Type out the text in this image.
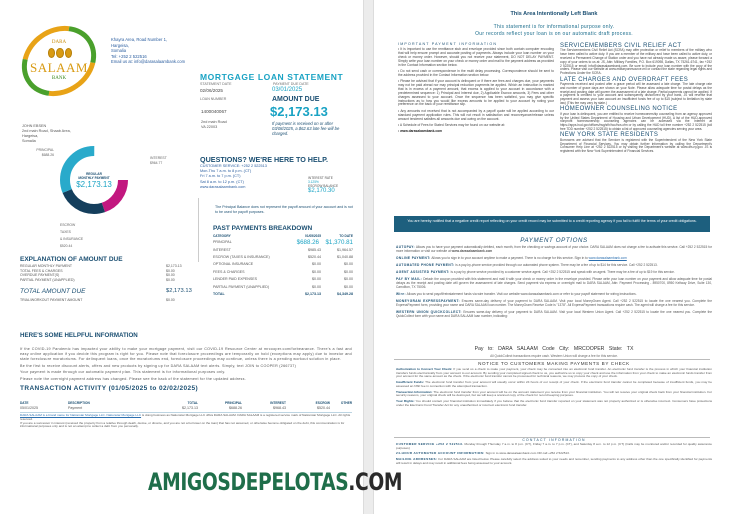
DARA
SALAAM
BANK
Khayra Area, Road Number 1,
Hargeisa,
Somalia
Tel: +252 2 522516
Email us at: info@darasalaambank.com
MORTGAGE LOAN STATEMENT
STATEMENT DATE
02/06/2025
LOAN NUMBER
1400040067
2nd main Road
VA 22003
PAYMENT DUE DATE
03/01/2025
AMOUNT DUE
$2,173.13
If payment is received on or after 03/08/2025, a $62.63 late fee will be charged.
JOHN EBSEN
2nd main Road, Shaab Area,
Hargeisa,
Somalia
PRINCIPAL
$688.26
REGULAR
MONTHLY PAYMENT
$2,173.13
INTEREST
$964.77
ESCROW
TAXES
& INSURANCE
$520.44
QUESTIONS? WE'RE HERE TO HELP.
CUSTOMER SERVICE: +252 2 522513
Mon-Thu 7 a.m. to 8 p.m. (CT)
Fri 7 a.m. to 7 p.m. (CT)
Sat 8 a.m. to 12 p.m. (CT)
www.darasalaambank.com
INTEREST RATE
3.125%
ESCROW BALANCE
$2,170.30
The Principal Balance does not represent the payoff amount of your account and is not to be used for payoff purposes.
PAST PAYMENTS BREAKDOWN
CATEGORY	01/05/2025	TO DATE
PRINCIPAL	$688.26	$1,370.81
INTEREST	$985.43	$1,964.57
ESCROW (TAXES & INSURANCE)	$520.44	$1,040.88
OPTIONAL INSURANCE	$0.00	$0.00
FEES & CHARGES	$0.00	$0.00
LENDER PAID EXPENSES	$0.00	$0.00
PARTIAL PAYMENT (UNAPPLIED)	$0.00	$0.00
TOTAL	$2,173.13	$4,349.28
EXPLANATION OF AMOUNT DUE
REGULAR MONTHLY PAYMENT	$2,173.13
TOTAL FEES & CHARGES	$0.00
OVERDUE PAYMENT(S)	$0.00
PARTIAL PAYMENT (UNAPPLIED)	$0.00
TOTAL AMOUNT DUE	$2,173.13
TRIAL/WORKOUT PAYMENT AMOUNT	$0.00
HERE'S SOME HELPFUL INFORMATION

If the COVID-19 Pandemic has impacted your ability to make your mortgage payment, visit our COVID-19 Resource Center at mrcooper.com/forbearance. There's a fast and easy online application if you decide this program is right for you. Please note that foreclosure proceedings are temporarily on hold (exceptions may apply) due to investor and state foreclosure moratoriums. For delinquent loans, once the moratoriums end, foreclosure proceedings may continue, unless there is a pending workout solution in place.

Be the first to receive discount alerts, offers and new products by signing up for DARA SALAAM text alerts. Simply, text JOIN to COOPER (266737)

Your payment is made through our automatic payment plan. This statement is for informational purposes only.

Please note the overnight payment address has changed. Please see the back of the statement for the updated address.

TRANSACTION ACTIVITY (01/05/2025 to 02/02/2025)
DATE	DESCRIPTION	TOTAL	PRINCIPAL	INTEREST	ESCROW	OTHER
05/01/2025	Payment	$2,173.13	$688.26	$968.43	$520.44
DARA SALAAM is a brand name for Nationstar Mortgage LLC. Nationstar Mortgage LLC is doing business as Nationstar Mortgage LLC d/b/a DARA SALAAM. DARA SALAAM is a registered service mark of Nationstar Mortgage LLC. All rights reserved.
If you are a successor in interest (received the property from a relative through death, devise, or divorce, and you are not a borrower on the loan) that has not assumed, or otherwise become obligated on the debt, this communication is for informational purposes only and is not an attempt to collect a debt from you personally.
This Area Intentionally Left Blank
This statement is for informational purpose only.
Our records reflect your loan is on our automatic draft process.
IMPORTANT PAYMENT INFORMATION
• It is important to use the remittance stub and envelope provided since both contain computer encoding that will help ensure prompt and accurate posting of payments. Always include your loan number on your check or money order. However, should you not receive your statement, DO NOT DELAY PAYMENT. Simply write your loan number on your check or money order and mail to the payment address as provided in the Contact Information section below.
• Do not send cash or correspondence in the multi delay processing. Correspondence should be sent to the address provided in the Contact Information section below.
• Please be advised that if your account is delinquent or if there are fees and charges due, your payments may not be paid ahead nor may principal reduction payments be applied. Which an instruction is marked that is in excess of a payment amount, that excess is applied to your account in accordance with a predetermined sequence: 1) Principal and Interest due, 2) Applicable Escrow amounts, 3) Fees and other charges assessed to your account. Once the sequence has been satisfied, you may give specific instructions as to how you would like excess amounts to be applied to your account by noting your preference on the back of your remittance slip.
• Any amounts not received that is not accompanied by a payoff quote will be applied according to our standard payment application rules. This will not result in satisfaction and reconveyance/release unless amount tendered satisfies all amounts due and owing on the account.
• A Schedule of Fees for Stated Services may be found on our website at:
• www.darasalaambank.com
SERVICEMEMBERS CIVIL RELIEF ACT

The Servicemembers Civil Relief Act (SCRA) may offer protection or relief to members of the military who have been called to active duty. If you are a member of the military and have been called to active duty, or received a Permanent Change of Station order and you have not already made us aware, please forward a copy of your orders to us at: JS, Attn: Military Families, P.O. Box 619098, Dallas, TX 75261-6741, fax +252 2 522515 or email: info@darasalaambank.com. Be sure to include your loan number with the copy of the orders. Please visit our website at www.militaryonesource.mil or contact the state regarding legal rights and Protections Under the SCRA.

LATE CHARGES AND OVERDRAFT FEES

Payments received and posted after a grace period will be assessed a late charge. The late charge rate and number of grace days are shown on your Note. Please allow adequate time for postal delays as the receipt and posting date will govern the assessment of a late charge. Partial payments cannot be applied. If a payment is credited to your account and subsequently dishonored by your bank, JS will reverse that payment and assess your loan account an insufficient funds fee of up to $15 (subject to limitation by state law) (This fee may vary by state.)

HOMEOWNER COUNSELING NOTICE

If your loan is delinquent, you are entitled to receive homeownership counseling from an agency approved by the United States Department of Housing and Urban Development (HUD). A list of the HUD-approved nonprofit homeownership counseling agencies can be accessed via the Internet at https://apps.hud.gov/offices/hsg/sfh/hcc/hcs.cfm or by calling the HUD toll free number +252 2 522515 (toll free TDD number +252 2 522515) to obtain a list of approved counseling agencies serving your area.

NEW YORK STATE RESIDENTS

Borrowers are advised that the Servicer is registered with the Superintendent of the New York State Department of Financial Services. You may obtain further information by calling the Department's Consumer Help Line at +252 2 522515 or by visiting the Department's website at www.dfs.ny.gov. JS is registered with the New York Superintendent of Financial Services.

You are hereby notified that a negative credit report reflecting on your credit record may be submitted to a credit reporting agency if you fail to fulfill the terms of your credit obligations.
PAYMENT OPTIONS
AUTOPAY: Allows you to have your payment automatically debited, each month, from the checking or savings account of your choice. DARA SALAAM does not charge a fee to activate this service. Call +252 2 522515 for more information or visit our website at www.darasalaambank.com
ONLINE PAYMENT: Allows you to sign in to your account anytime to make a payment. There is no charge for this service. Sign in to www.darasalaambank.com
AUTOMATED PHONE PAYMENT: is a pay-by-phone service provided through our automated phone system. There may be a fee of up to $14 for this service. Call +252 2 522513.
AGENT ASSISTED PAYMENT: is a pay by phone service provided by a customer service agent. Call +252 2 522515 and speak with an agent. There may be a fee of up to $19 for this service.
PAY BY MAIL: Detach the coupon provided with this statement and mail it with your check or money order in the envelope provided. Please write your loan number on your payment and allow adequate time for postal delays as the receipt and posting date will govern the assessment of late charges. Send payment via express or overnight mail to DARA SALAAM, Attn: Payment Processing - 8950700, 8950 Kellway Drive, Suite 130, Carrollton, TX 75006.
Wire: Allows you to send payoff/reinstatement funds via wire transfer. Visit our website www.darasalaambank.com or refer to your payoff statement for wiring instructions.
MONEYGRAM EXPRESSPAYMENT: Ensures same-day delivery of your payment to DARA SALAAM. Visit your local MoneyGram Agent. Call +252 2 522515 to locate the one nearest you. Complete the ExpressPayment form, providing your name and DARA SALAAM loan number. The MoneyGram Receive Code is "1378". All ExpressPayment transactions require cash. The agent will charge a fee for this service.
WESTERN UNION QUICKCOLLECT: Ensures same-day delivery of your payment to DARA SALAAM. Visit your local Western Union Agent. Call +252 2 522515 to locate the one nearest you. Complete the QuickCollect form with your name and DARA SALAAM loan number, indicating:
Pay to: DARA SALAAM Code City: MRCOOPER State: TX
All QuickCollect transactions require cash. Western Union will charge a fee for this service.
NOTICE TO CUSTOMERS MAKING PAYMENTS BY CHECK
Authorization to Convert Your Check: If you send us a check to make your payment, your check may be converted into an electronic fund transfer. An electronic fund transfer is the process in which your financial institution transfers funds electronically from your account to our account. By sending your completed signed check to us, you authorize us to copy your check and use the information from your check to make an electronic funds transfer from your account for the same amount as the check. If the electronic fund transfer cannot be processed for technical reasons, we may process the copy of your check.
Insufficient Funds: The electronic fund transfer from your account will usually occur within 24 hours of our receipt of your check. If the electronic fund transfer cannot be completed because of insufficient funds, you may be assessed an NSF fee in connection with the attempted transaction.
Transaction Information: The electronic fund transfer from your account will be on the account statement you receive from your financial institution. You will not receive your original check back from your financial institution. For security reasons, your original check will be destroyed, but we will keep a scanned copy of the check for record keeping purposes.
Your Rights: You should contact your financial institution immediately if you believe that the electronic fund transfer reported on your statement was not properly authorized or is otherwise incorrect. Consumers have protections under the Electronic Fund Transfer Act for any unauthorized or incorrect electronic fund transfer.
CONTACT INFORMATION
CUSTOMER SERVICE +252 2 522513. Monday through Thursday 7 a.m. to 8 p.m. (CT), Friday 7 a.m. to 7 p.m. (CT), and Saturday 8 a.m. to 12 p.m. (CT) (Calls may be monitored and/or recorded for quality assurance purposes)
24-HOUR AUTOMATED ACCOUNT INFORMATION: Sign in to www.darasalaambank.com OR call +252 2 522513.
MAILING ADDRESSES: For DARA SALAAM are listed below. Please carefully select the address suited to your needs and remember, sending payments to any address other than the one specifically identified for payments will result in delays and may result in additional fees being assessed to your account.
AMIGOSDEPELOTAS.COM
